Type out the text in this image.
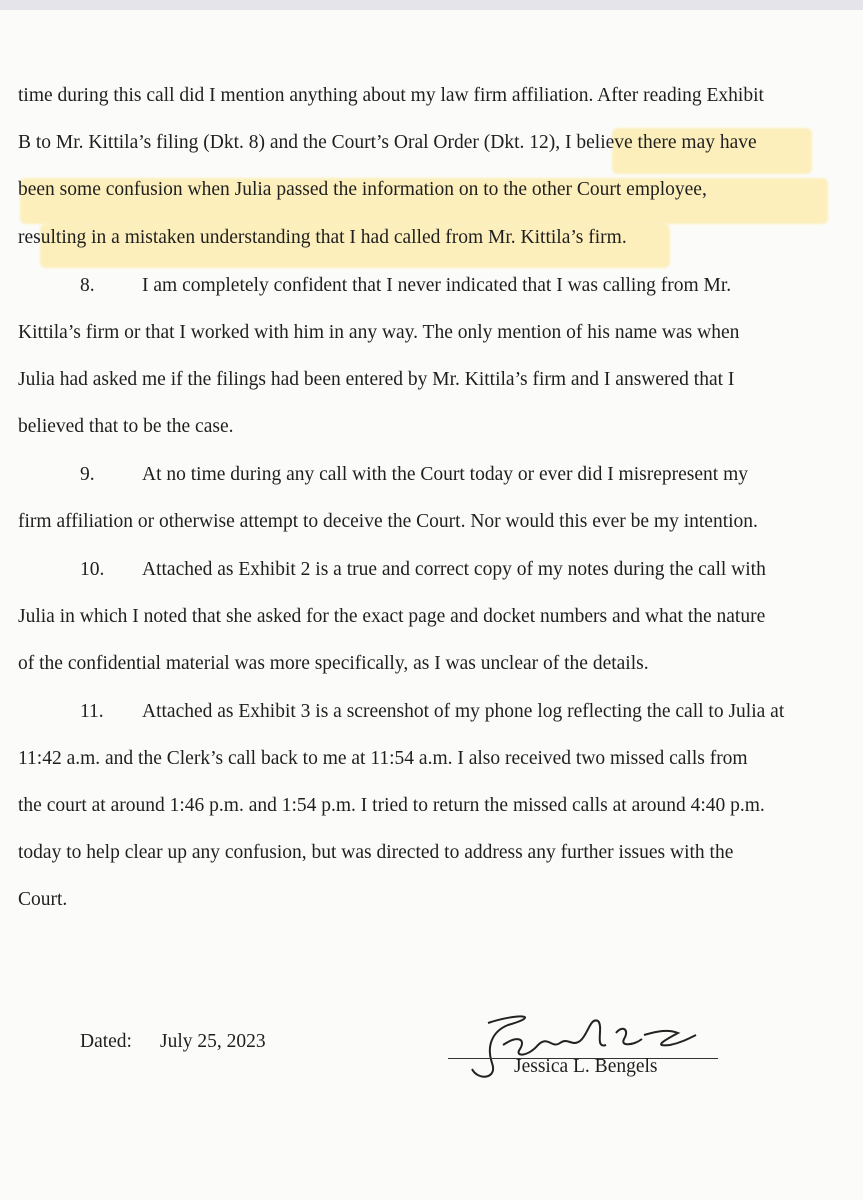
time during this call did I mention anything about my law firm affiliation. After reading Exhibit
B to Mr. Kittila’s filing (Dkt. 8) and the Court’s Oral Order (Dkt. 12), I believe there may have
been some confusion when Julia passed the information on to the other Court employee,
resulting in a mistaken understanding that I had called from Mr. Kittila’s firm.
8. I am completely confident that I never indicated that I was calling from Mr.
Kittila’s firm or that I worked with him in any way. The only mention of his name was when
Julia had asked me if the filings had been entered by Mr. Kittila’s firm and I answered that I
believed that to be the case.
9. At no time during any call with the Court today or ever did I misrepresent my
firm affiliation or otherwise attempt to deceive the Court. Nor would this ever be my intention.
10. Attached as Exhibit 2 is a true and correct copy of my notes during the call with
Julia in which I noted that she asked for the exact page and docket numbers and what the nature
of the confidential material was more specifically, as I was unclear of the details.
11. Attached as Exhibit 3 is a screenshot of my phone log reflecting the call to Julia at
11:42 a.m. and the Clerk’s call back to me at 11:54 a.m. I also received two missed calls from
the court at around 1:46 p.m. and 1:54 p.m. I tried to return the missed calls at around 4:40 p.m.
today to help clear up any confusion, but was directed to address any further issues with the
Court.
Dated: July 25, 2023
Jessica L. Bengels
